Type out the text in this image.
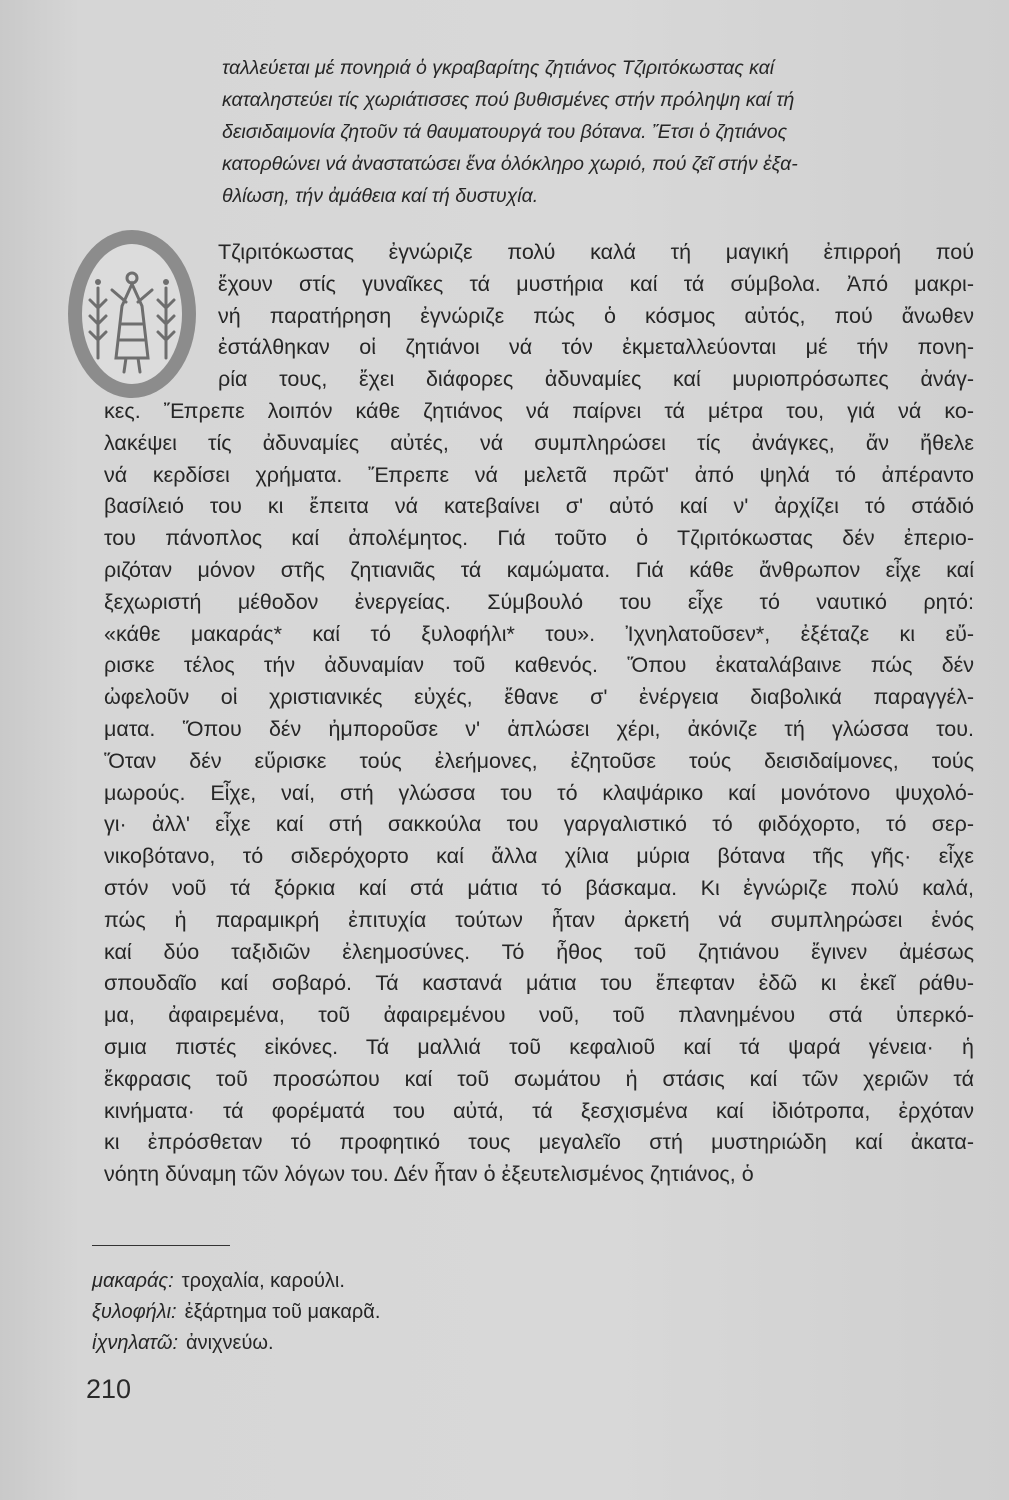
ταλλεύεται μέ πονηριά ὁ γκραβαρίτης ζητιάνος Τζιριτόκωστας καί
καταληστεύει τίς χωριάτισσες πού βυθισμένες στήν πρόληψη καί τή
δεισιδαιμονία ζητοῦν τά θαυματουργά του βότανα. Ἔτσι ὁ ζητιάνος
κατορθώνει νά ἀναστατώσει ἕνα ὁλόκληρο χωριό, πού ζεῖ στήν ἐξα-
θλίωση, τήν ἀμάθεια καί τή δυστυχία.
Τζιριτόκωστας ἐγνώριζε πολύ καλά τή μαγική ἐπιρροή πού
ἔχουν στίς γυναῖκες τά μυστήρια καί τά σύμβολα. Ἀπό μακρι-
νή παρατήρηση ἐγνώριζε πώς ὁ κόσμος αὐτός, πού ἄνωθεν
ἐστάλθηκαν οἱ ζητιάνοι νά τόν ἐκμεταλλεύονται μέ τήν πονη-
ρία τους, ἔχει διάφορες ἀδυναμίες καί μυριοπρόσωπες ἀνάγ-
κες. Ἔπρεπε λοιπόν κάθε ζητιάνος νά παίρνει τά μέτρα του, γιά νά κο-
λακέψει τίς ἀδυναμίες αὐτές, νά συμπληρώσει τίς ἀνάγκες, ἄν ἤθελε
νά κερδίσει χρήματα. Ἔπρεπε νά μελετᾶ πρῶτ' ἀπό ψηλά τό ἀπέραντο
βασίλειό του κι ἔπειτα νά κατεβαίνει σ' αὐτό καί ν' ἀρχίζει τό στάδιό
του πάνοπλος καί ἀπολέμητος. Γιά τοῦτο ὁ Τζιριτόκωστας δέν ἐπεριο-
ριζόταν μόνον στῆς ζητιανιᾶς τά καμώματα. Γιά κάθε ἄνθρωπον εἶχε καί
ξεχωριστή μέθοδον ἐνεργείας. Σύμβουλό του εἶχε τό ναυτικό ρητό:
«κάθε μακαράς* καί τό ξυλοφήλι* του». Ἰχνηλατοῦσεν*, ἐξέταζε κι εὔ-
ρισκε τέλος τήν ἀδυναμίαν τοῦ καθενός. Ὅπου ἐκαταλάβαινε πώς δέν
ὠφελοῦν οἱ χριστιανικές εὐχές, ἔθανε σ' ἐνέργεια διαβολικά παραγγέλ-
ματα. Ὅπου δέν ἠμποροῦσε ν' ἁπλώσει χέρι, ἀκόνιζε τή γλώσσα του.
Ὅταν δέν εὕρισκε τούς ἐλεήμονες, ἐζητοῦσε τούς δεισιδαίμονες, τούς
μωρούς. Εἶχε, ναί, στή γλώσσα του τό κλαψάρικο καί μονότονο ψυχολό-
γι· ἀλλ' εἶχε καί στή σακκούλα του γαργαλιστικό τό φιδόχορτο, τό σερ-
νικοβότανο, τό σιδερόχορτο καί ἄλλα χίλια μύρια βότανα τῆς γῆς· εἶχε
στόν νοῦ τά ξόρκια καί στά μάτια τό βάσκαμα. Κι ἐγνώριζε πολύ καλά,
πώς ἡ παραμικρή ἐπιτυχία τούτων ἦταν ἀρκετή νά συμπληρώσει ἑνός
καί δύο ταξιδιῶν ἐλεημοσύνες. Τό ἦθος τοῦ ζητιάνου ἔγινεν ἀμέσως
σπουδαῖο καί σοβαρό. Τά καστανά μάτια του ἔπεφταν ἐδῶ κι ἐκεῖ ράθυ-
μα, ἀφαιρεμένα, τοῦ ἀφαιρεμένου νοῦ, τοῦ πλανημένου στά ὑπερκό-
σμια πιστές εἰκόνες. Τά μαλλιά τοῦ κεφαλιοῦ καί τά ψαρά γένεια· ἡ
ἔκφρασις τοῦ προσώπου καί τοῦ σωμάτου ἡ στάσις καί τῶν χεριῶν τά
κινήματα· τά φορέματά του αὐτά, τά ξεσχισμένα καί ἰδιότροπα, ἐρχόταν
κι ἐπρόσθεταν τό προφητικό τους μεγαλεῖο στή μυστηριώδη καί ἀκατα-
νόητη δύναμη τῶν λόγων του. Δέν ἦταν ὁ ἐξευτελισμένος ζητιάνος, ὁ
μακαράς: τροχαλία, καρούλι.
ξυλοφήλι: ἐξάρτημα τοῦ μακαρᾶ.
ἰχνηλατῶ: ἀνιχνεύω.
210
